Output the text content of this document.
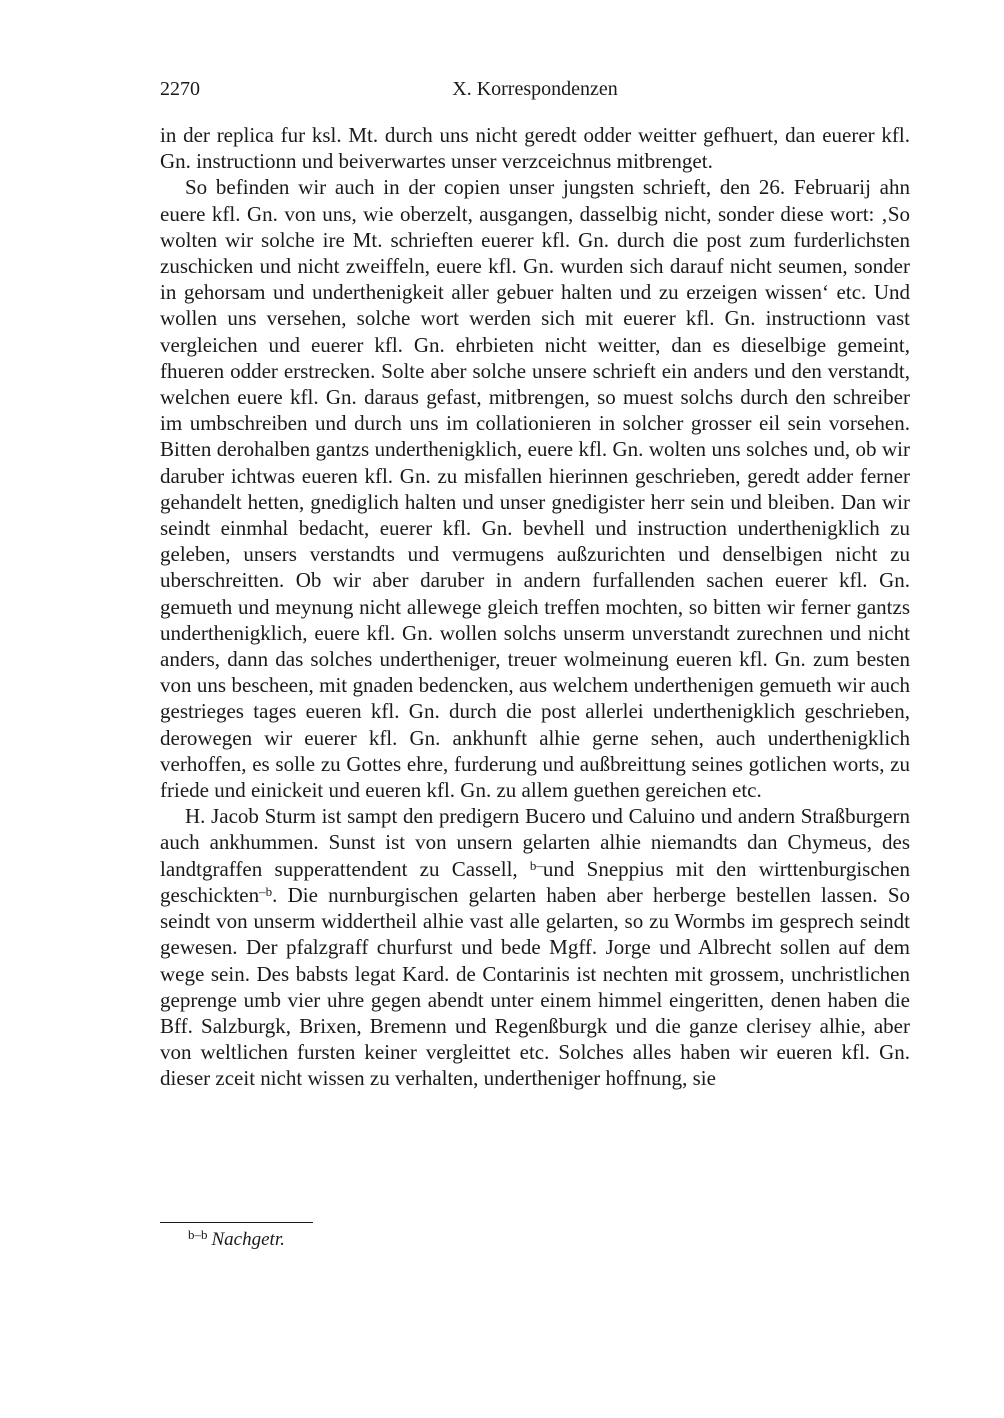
2270	X. Korrespondenzen

in der replica fur ksl. Mt. durch uns nicht geredt odder weitter gefhuert, dan euerer kfl. Gn. instructionn und beiverwartes unser verzceichnus mitbrenget.

So befinden wir auch in der copien unser jungsten schrieft, den 26. Februarij ahn euere kfl. Gn. von uns, wie oberzelt, ausgangen, dasselbig nicht, sonder diese wort: ‚So wolten wir solche ire Mt. schrieften euerer kfl. Gn. durch die post zum furderlichsten zuschicken und nicht zweiffeln, euere kfl. Gn. wurden sich darauf nicht seumen, sonder in gehorsam und underthenigkeit aller gebuer halten und zu erzeigen wissen‘ etc. Und wollen uns versehen, solche wort werden sich mit euerer kfl. Gn. instructionn vast vergleichen und euerer kfl. Gn. ehrbieten nicht weitter, dan es dieselbige gemeint, fhueren odder erstrecken. Solte aber solche unsere schrieft ein anders und den verstandt, welchen euere kfl. Gn. daraus gefast, mitbrengen, so muest solchs durch den schreiber im umbschreiben und durch uns im collationieren in solcher grosser eil sein vorsehen. Bitten derohalben gantzs underthenigklich, euere kfl. Gn. wolten uns solches und, ob wir daruber ichtwas eueren kfl. Gn. zu misfallen hierinnen geschrieben, geredt adder ferner gehandelt hetten, gnediglich halten und unser gnedigister herr sein und bleiben. Dan wir seindt einmhal bedacht, euerer kfl. Gn. bevhell und instruction underthenigklich zu geleben, unsers verstandts und vermugens außzurichten und denselbigen nicht zu uberschreitten. Ob wir aber daruber in andern furfallenden sachen euerer kfl. Gn. gemueth und meynung nicht allewege gleich treffen mochten, so bitten wir ferner gantzs underthenigklich, euere kfl. Gn. wollen solchs unserm unverstandt zurechnen und nicht anders, dann das solches undertheniger, treuer wolmeinung eueren kfl. Gn. zum besten von uns bescheen, mit gnaden bedencken, aus welchem underthenigen gemueth wir auch gestrieges tages eueren kfl. Gn. durch die post allerlei underthenigklich geschrieben, derowegen wir euerer kfl. Gn. ankhunft alhie gerne sehen, auch underthenigklich verhoffen, es solle zu Gottes ehre, furderung und außbreittung seines gotlichen worts, zu friede und einickeit und eueren kfl. Gn. zu allem guethen gereichen etc.

H. Jacob Sturm ist sampt den predigern Bucero und Caluino und andern Straßburgern auch ankhummen. Sunst ist von unsern gelarten alhie niemandts dan Chymeus, des landtgraffen supperattendent zu Cassell, $^{b-}$und Sneppius mit den wirttenburgischen geschickten$^{-b}$. Die nurnburgischen gelarten haben aber herberge bestellen lassen. So seindt von unserm widdertheil alhie vast alle gelarten, so zu Wormbs im gesprech seindt gewesen. Der pfalzgraff churfurst und bede Mgff. Jorge und Albrecht sollen auf dem wege sein. Des babsts legat Kard. de Contarinis ist nechten mit grossem, unchristlichen geprenge umb vier uhre gegen abendt unter einem himmel eingeritten, denen haben die Bff. Salzburgk, Brixen, Bremenn und Regenßburgk und die ganze clerisey alhie, aber von weltlichen fursten keiner vergleittet etc. Solches alles haben wir eueren kfl. Gn. dieser zceit nicht wissen zu verhalten, undertheniger hoffnung, sie

$^{b-b}$ Nachgetr.
